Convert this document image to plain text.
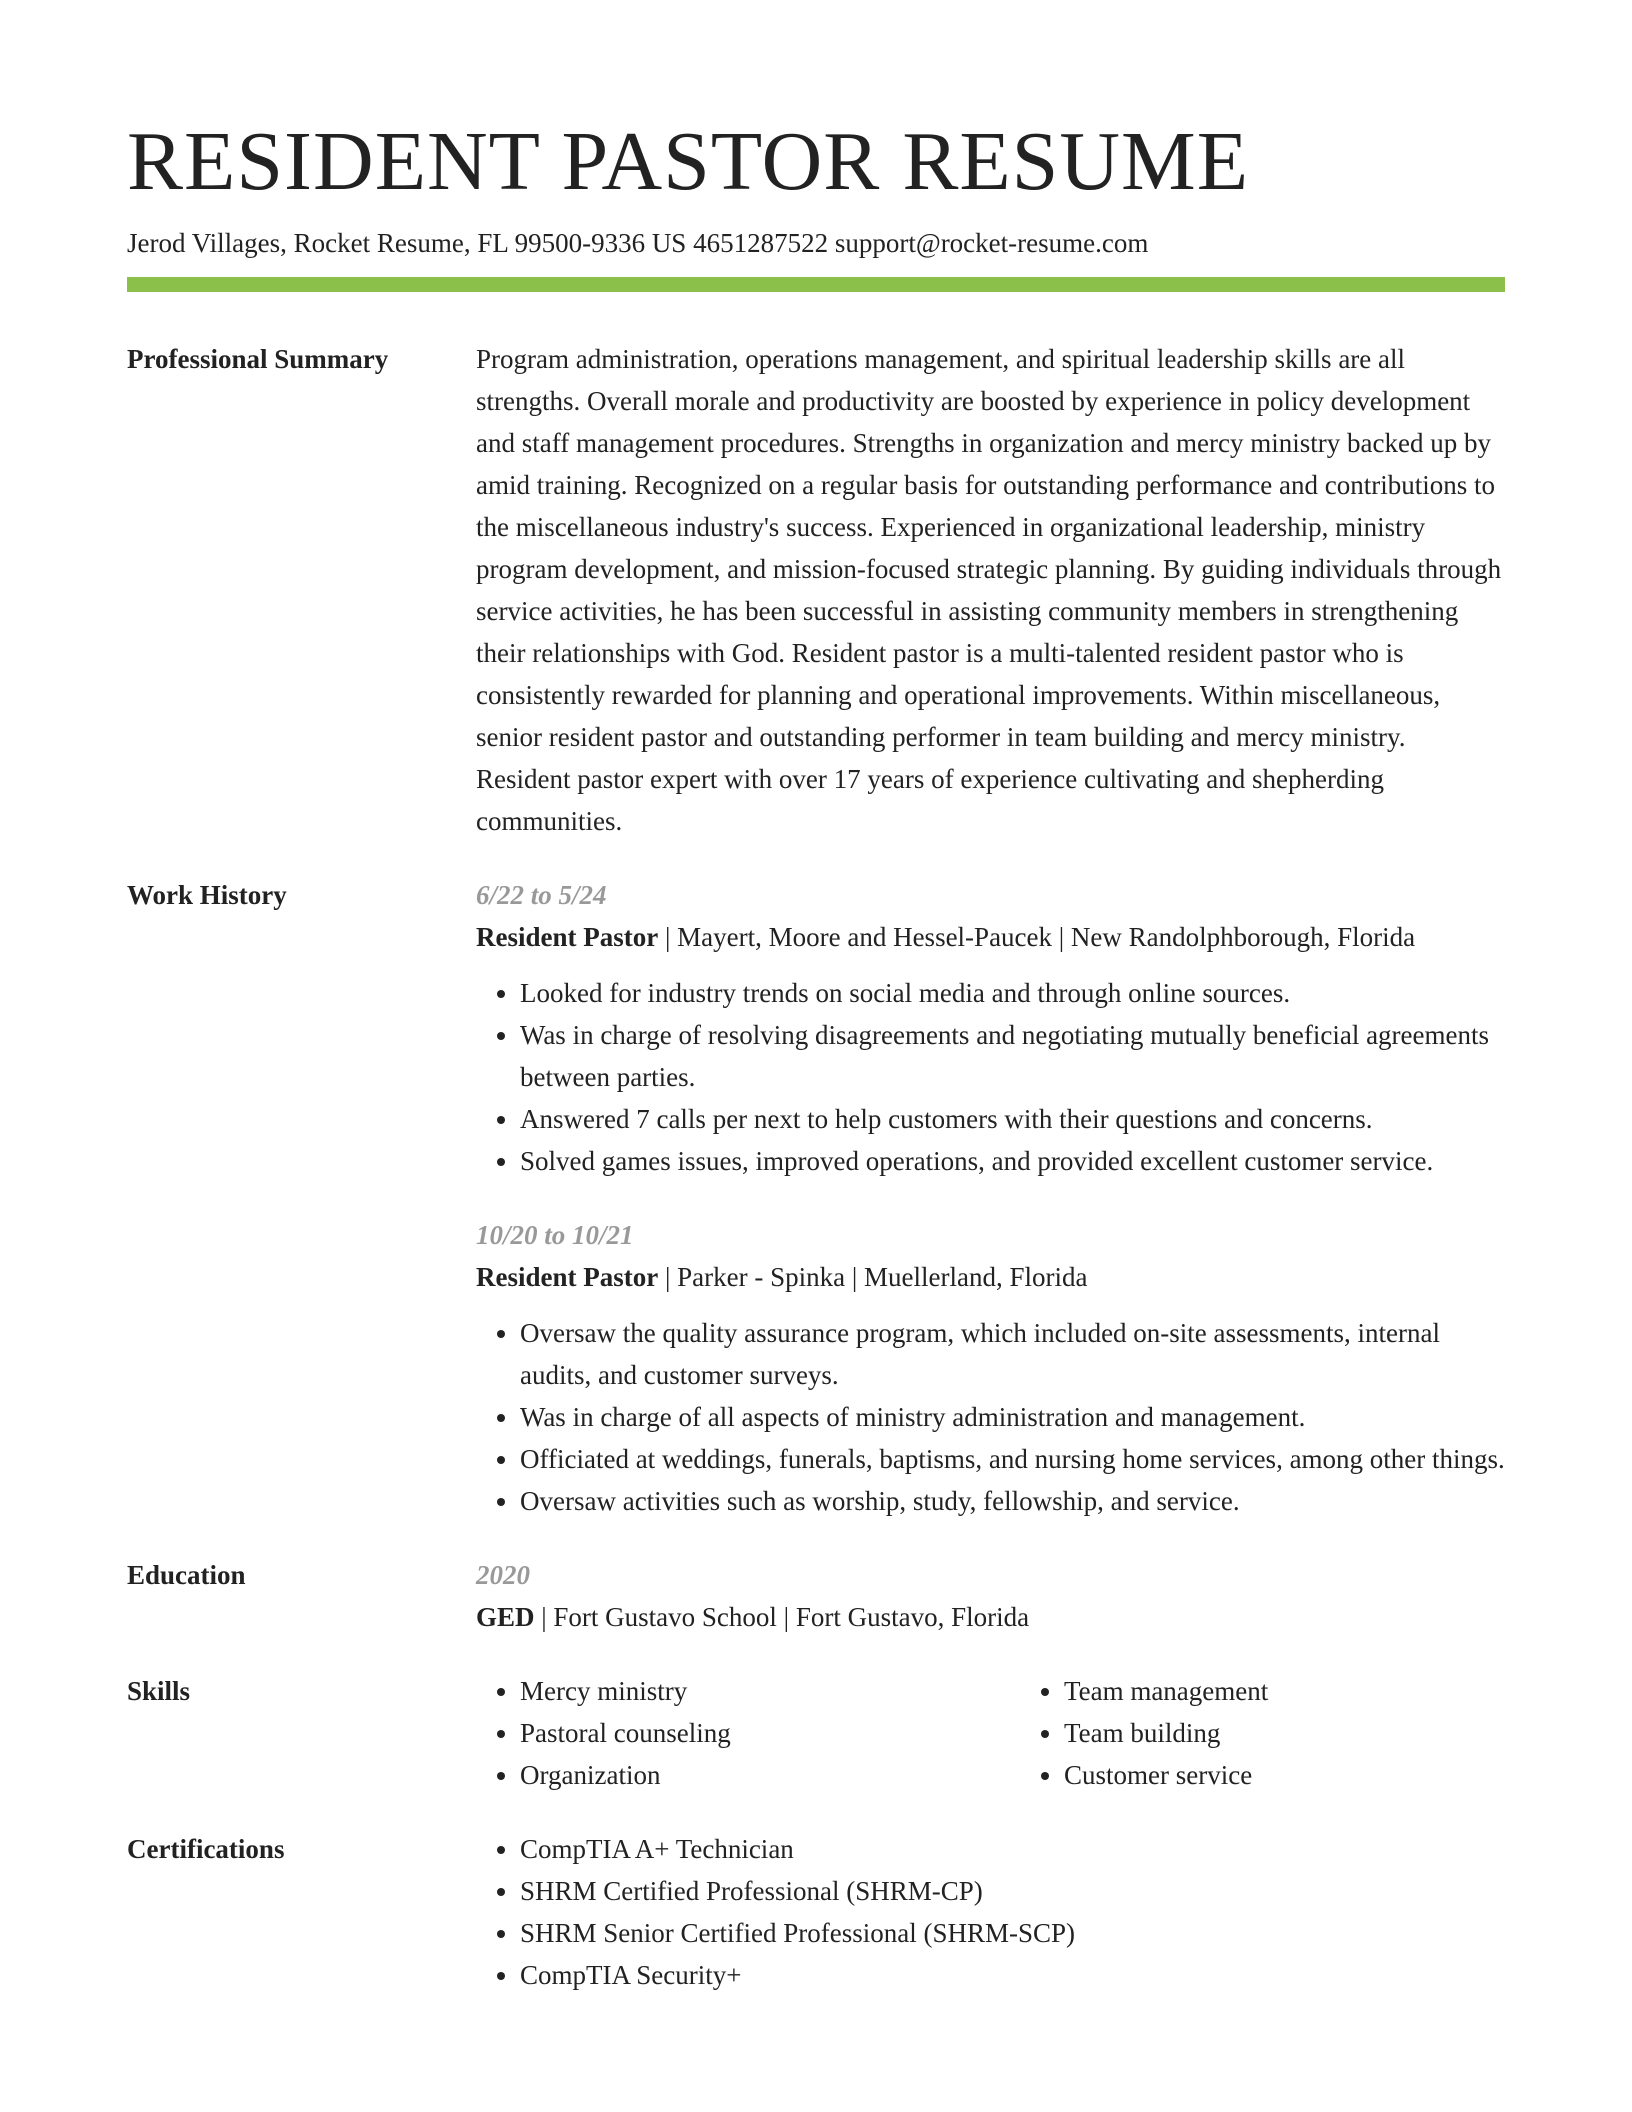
RESIDENT PASTOR RESUME
Jerod Villages, Rocket Resume, FL 99500-9336 US 4651287522 support@rocket-resume.com
Professional Summary	Program administration, operations management, and spiritual leadership skills are all strengths. Overall morale and productivity are boosted by experience in policy development and staff management procedures. Strengths in organization and mercy ministry backed up by amid training. Recognized on a regular basis for outstanding performance and contributions to the miscellaneous industry's success. Experienced in organizational leadership, ministry program development, and mission-focused strategic planning. By guiding individuals through service activities, he has been successful in assisting community members in strengthening their relationships with God. Resident pastor is a multi-talented resident pastor who is consistently rewarded for planning and operational improvements. Within miscellaneous, senior resident pastor and outstanding performer in team building and mercy ministry. Resident pastor expert with over 17 years of experience cultivating and shepherding communities.
Work History	6/22 to 5/24
Resident Pastor | Mayert, Moore and Hessel-Paucek | New Randolphborough, Florida
• Looked for industry trends on social media and through online sources.
• Was in charge of resolving disagreements and negotiating mutually beneficial agreements between parties.
• Answered 7 calls per next to help customers with their questions and concerns.
• Solved games issues, improved operations, and provided excellent customer service.
10/20 to 10/21
Resident Pastor | Parker - Spinka | Muellerland, Florida
• Oversaw the quality assurance program, which included on-site assessments, internal audits, and customer surveys.
• Was in charge of all aspects of ministry administration and management.
• Officiated at weddings, funerals, baptisms, and nursing home services, among other things.
• Oversaw activities such as worship, study, fellowship, and service.
Education	2020
GED | Fort Gustavo School | Fort Gustavo, Florida
Skills	• Mercy ministry
• Pastoral counseling
• Organization
• Team management
• Team building
• Customer service
Certifications	• CompTIA A+ Technician
• SHRM Certified Professional (SHRM-CP)
• SHRM Senior Certified Professional (SHRM-SCP)
• CompTIA Security+
